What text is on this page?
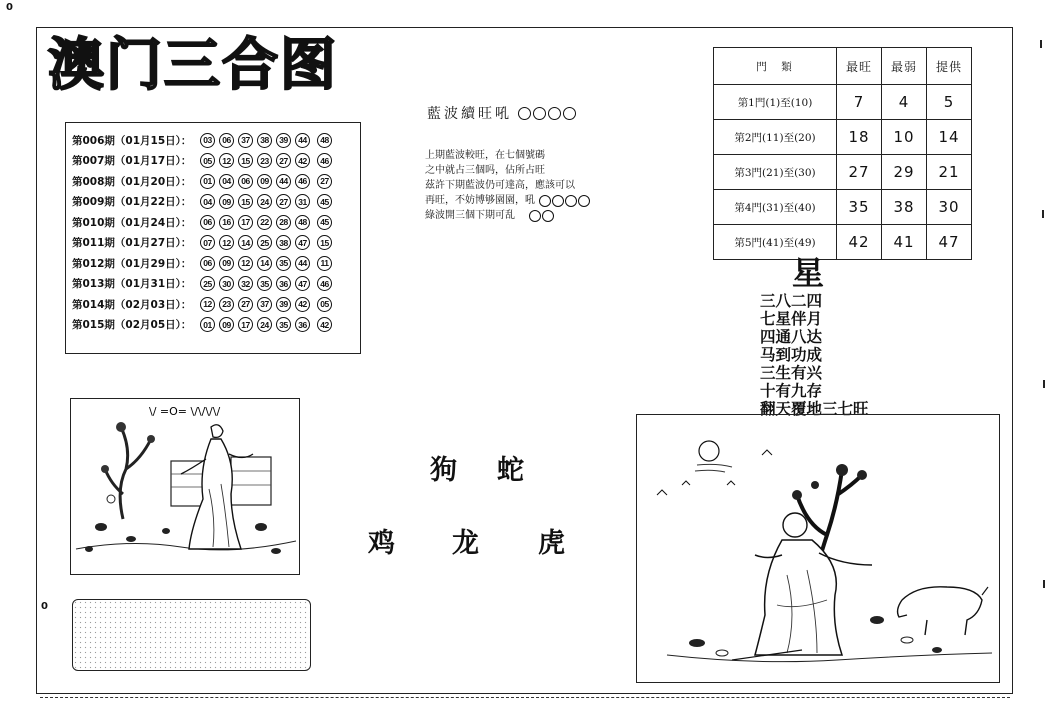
0
0
澳门三合图
第006期（01月15日）：	03	06	37	38	39	44	48
第007期（01月17日）：	05	12	15	23	27	42	46
第008期（01月20日）：	01	04	06	09	44	46	27
第009期（01月22日）：	04	09	15	24	27	31	45
第010期（01月24日）：	06	16	17	22	28	48	45
第011期（01月27日）：	07	12	14	25	38	47	15
第012期（01月29日）：	06	09	12	14	35	44	11
第013期（01月31日）：	25	30	32	35	36	47	46
第014期（02月03日）：	12	23	27	37	39	42	05
第015期（02月05日）：	01	09	17	24	35	36	42
藍波續旺吼
上期藍波較旺，在七個號碼
之中就占三個吗，佔所占旺
茲許下期藍波仍可達高，應該可以
再旺，不妨博够園園，吼
綠波開三個下期可乱
門　類	最旺	最弱	提供
第1門(1)至(10)	7	4	5
第2門(11)至(20)	18	10	14
第3門(21)至(30)	27	29	21
第4門(31)至(40)	35	38	30
第5門(41)至(49)	42	41	47
星
三八二四
七星伴月
四通八达
马到功成
三生有兴
十有九存
翻天覆地三七旺
\/ =O= \/\/\/\/
狗 蛇
鸡 龙 虎
